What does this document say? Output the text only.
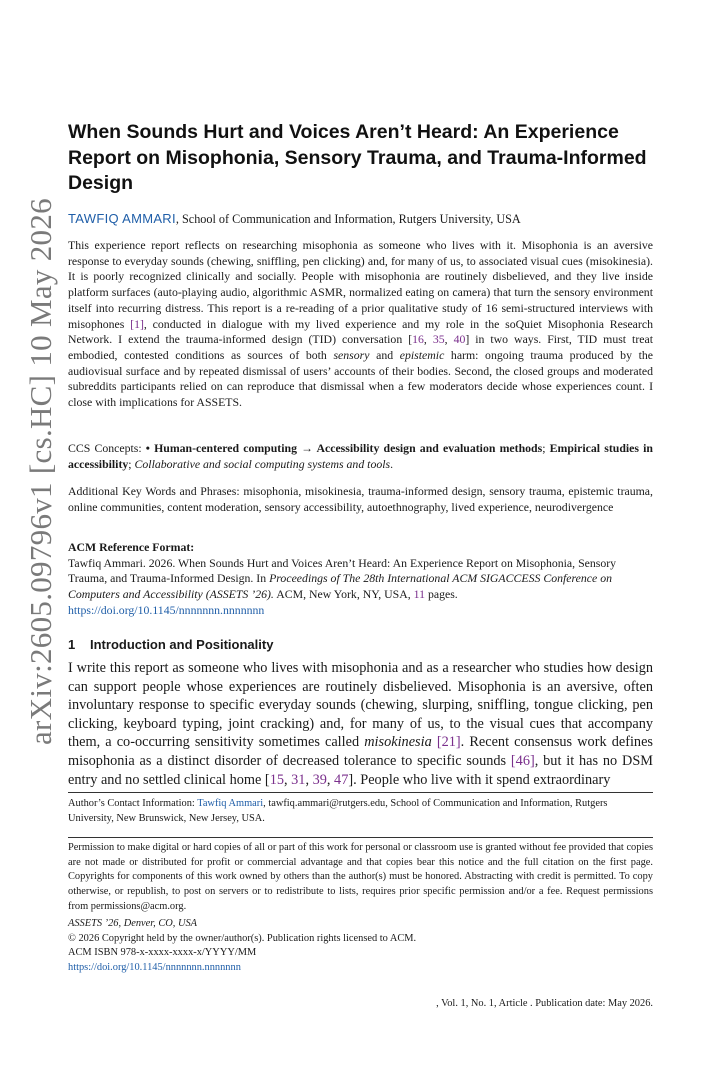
arXiv:2605.09796v1 [cs.HC] 10 May 2026
When Sounds Hurt and Voices Aren’t Heard: An Experience Report on Misophonia, Sensory Trauma, and Trauma-Informed Design
TAWFIQ AMMARI, School of Communication and Information, Rutgers University, USA
This experience report reflects on researching misophonia as someone who lives with it. Misophonia is an aversive response to everyday sounds (chewing, sniffling, pen clicking) and, for many of us, to associated visual cues (misokinesia). It is poorly recognized clinically and socially. People with misophonia are routinely disbelieved, and they live inside platform surfaces (auto-playing audio, algorithmic ASMR, normalized eating on camera) that turn the sensory environment itself into recurring distress. This report is a re-reading of a prior qualitative study of 16 semi-structured interviews with misophones [1], conducted in dialogue with my lived experience and my role in the soQuiet Misophonia Research Network. I extend the trauma-informed design (TID) conversation [16, 35, 40] in two ways. First, TID must treat embodied, contested conditions as sources of both sensory and epistemic harm: ongoing trauma produced by the audiovisual surface and by repeated dismissal of users’ accounts of their bodies. Second, the closed groups and moderated subreddits participants relied on can reproduce that dismissal when a few moderators decide whose experiences count. I close with implications for ASSETS.
CCS Concepts: • Human-centered computing → Accessibility design and evaluation methods; Empirical studies in accessibility; Collaborative and social computing systems and tools.
Additional Key Words and Phrases: misophonia, misokinesia, trauma-informed design, sensory trauma, epistemic trauma, online communities, content moderation, sensory accessibility, autoethnography, lived experience, neurodivergence
ACM Reference Format:
Tawfiq Ammari. 2026. When Sounds Hurt and Voices Aren’t Heard: An Experience Report on Misophonia, Sensory Trauma, and Trauma-Informed Design. In Proceedings of The 28th International ACM SIGACCESS Conference on Computers and Accessibility (ASSETS ’26). ACM, New York, NY, USA, 11 pages. https://doi.org/10.1145/nnnnnnn.nnnnnnn
1 Introduction and Positionality
I write this report as someone who lives with misophonia and as a researcher who studies how design can support people whose experiences are routinely disbelieved. Misophonia is an aversive, often involuntary response to specific everyday sounds (chewing, slurping, sniffling, tongue clicking, pen clicking, keyboard typing, joint cracking) and, for many of us, to the visual cues that accompany them, a co-occurring sensitivity sometimes called misokinesia [21]. Recent consensus work defines misophonia as a distinct disorder of decreased tolerance to specific sounds [46], but it has no DSM entry and no settled clinical home [15, 31, 39, 47]. People who live with it spend extraordinary
Author’s Contact Information: Tawfiq Ammari, tawfiq.ammari@rutgers.edu, School of Communication and Information, Rutgers University, New Brunswick, New Jersey, USA.
Permission to make digital or hard copies of all or part of this work for personal or classroom use is granted without fee provided that copies are not made or distributed for profit or commercial advantage and that copies bear this notice and the full citation on the first page. Copyrights for components of this work owned by others than the author(s) must be honored. Abstracting with credit is permitted. To copy otherwise, or republish, to post on servers or to redistribute to lists, requires prior specific permission and/or a fee. Request permissions from permissions@acm.org.
ASSETS ’26, Denver, CO, USA
© 2026 Copyright held by the owner/author(s). Publication rights licensed to ACM.
ACM ISBN 978-x-xxxx-xxxx-x/YYYY/MM
https://doi.org/10.1145/nnnnnnn.nnnnnnn
, Vol. 1, No. 1, Article . Publication date: May 2026.
